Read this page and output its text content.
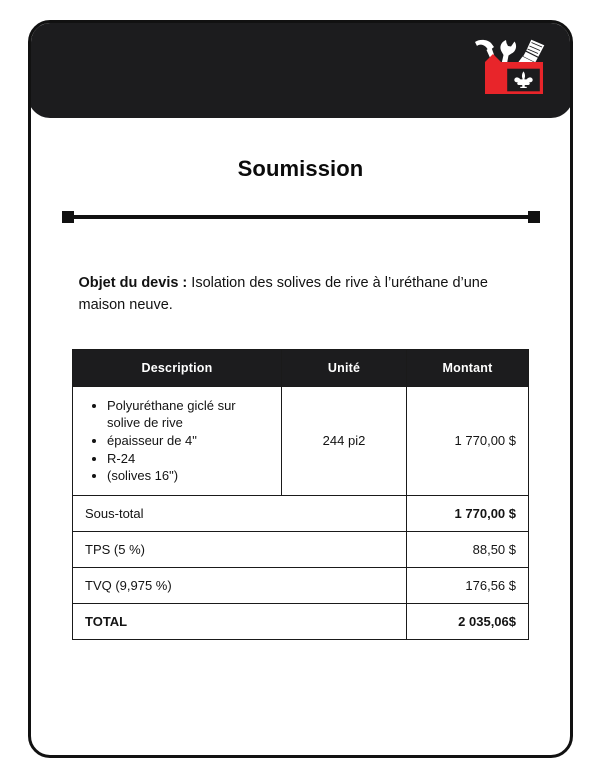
Soumission

Objet du devis : Isolation des solives de rive à l’uréthane d’une maison neuve.

Description	Unité	Montant

• Polyuréthane giclé sur solive de rive
• épaisseur de 4"
• R-24
• (solives 16")
	244 pi2	1 770,00 $
Sous-total		1 770,00 $
TPS (5 %)		88,50 $
TVQ (9,975 %)		176,56 $
TOTAL		2 035,06$
